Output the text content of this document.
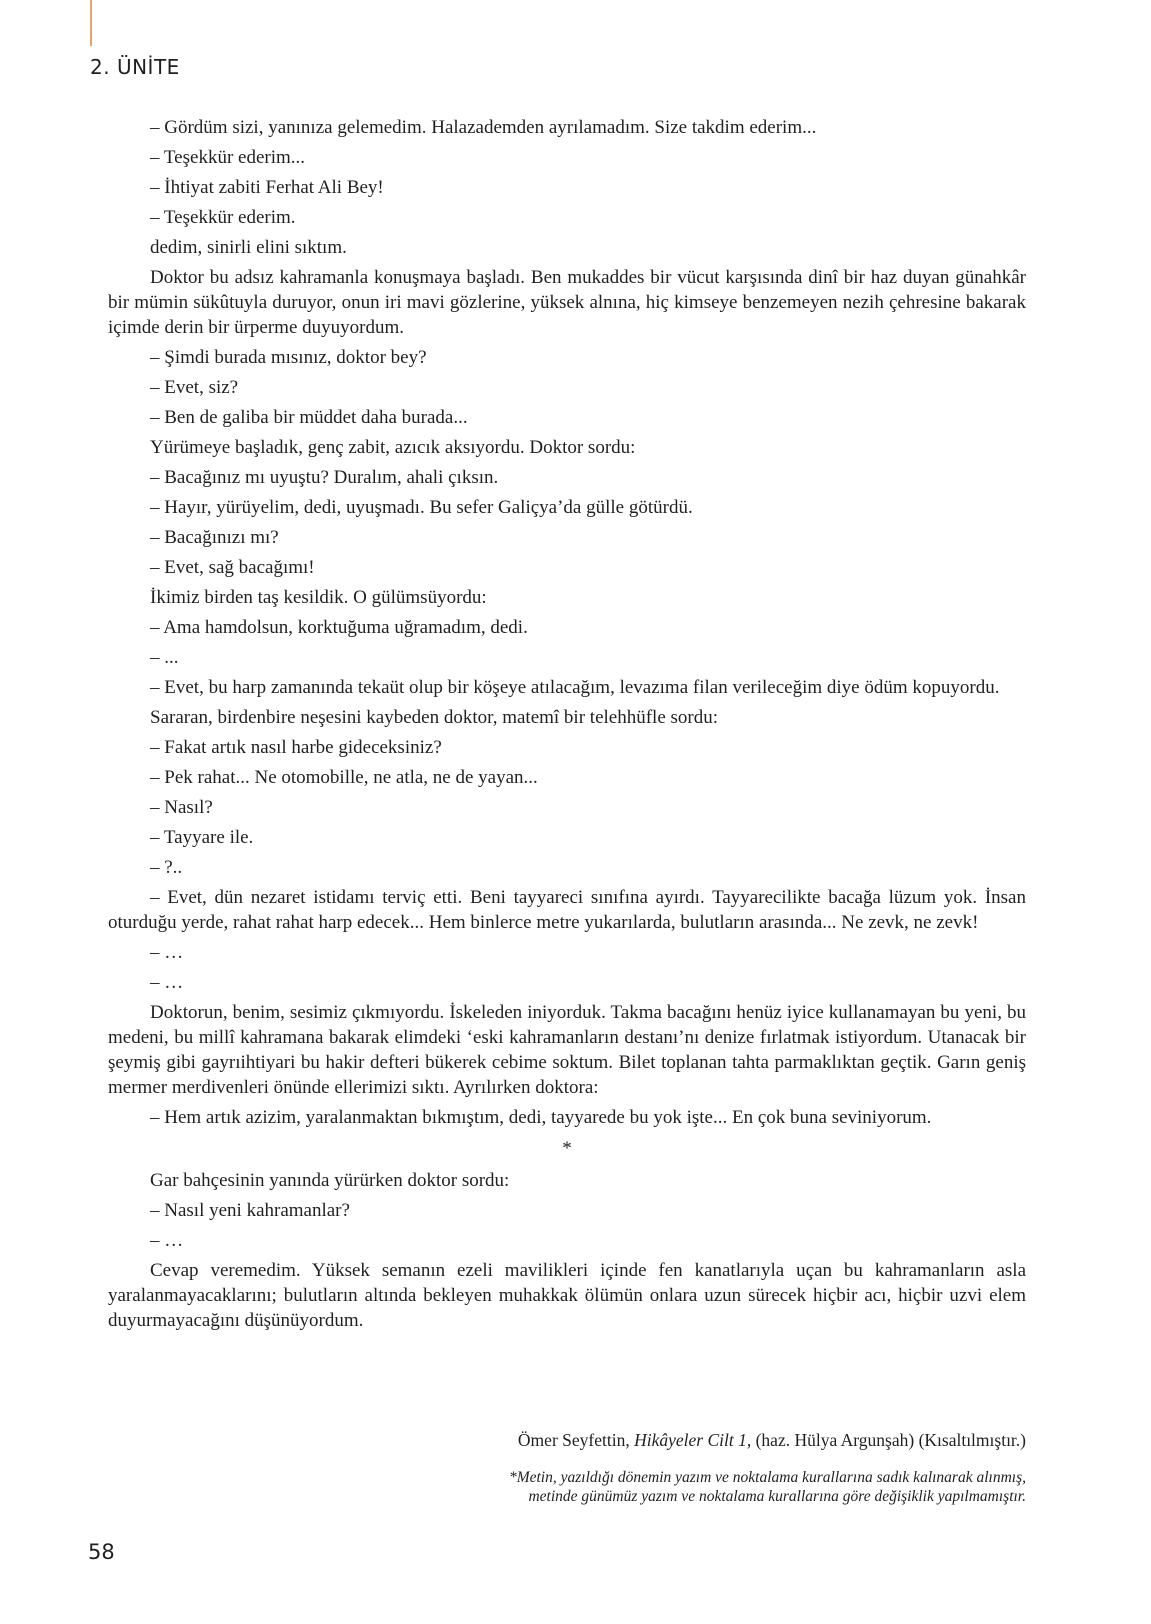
2. ÜNİTE

– Gördüm sizi, yanınıza gelemedim. Halazademden ayrılamadım. Size takdim ederim...

– Teşekkür ederim...

– İhtiyat zabiti Ferhat Ali Bey!

– Teşekkür ederim.

dedim, sinirli elini sıktım.

Doktor bu adsız kahramanla konuşmaya başladı. Ben mukaddes bir vücut karşısında dinî bir haz duyan günahkâr bir mümin sükûtuyla duruyor, onun iri mavi gözlerine, yüksek alnına, hiç kimseye benzemeyen nezih çehresine bakarak içimde derin bir ürperme duyuyordum.

– Şimdi burada mısınız, doktor bey?

– Evet, siz?

– Ben de galiba bir müddet daha burada...

Yürümeye başladık, genç zabit, azıcık aksıyordu. Doktor sordu:

– Bacağınız mı uyuştu? Duralım, ahali çıksın.

– Hayır, yürüyelim, dedi, uyuşmadı. Bu sefer Galiçya’da gülle götürdü.

– Bacağınızı mı?

– Evet, sağ bacağımı!

İkimiz birden taş kesildik. O gülümsüyordu:

– Ama hamdolsun, korktuğuma uğramadım, dedi.

– ...

– Evet, bu harp zamanında tekaüt olup bir köşeye atılacağım, levazıma filan verileceğim diye ödüm kopuyordu.

Sararan, birdenbire neşesini kaybeden doktor, matemî bir telehhüfle sordu:

– Fakat artık nasıl harbe gideceksiniz?

– Pek rahat... Ne otomobille, ne atla, ne de yayan...

– Nasıl?

– Tayyare ile.

– ?..

– Evet, dün nezaret istidamı terviç etti. Beni tayyareci sınıfına ayırdı. Tayyarecilikte bacağa lüzum yok. İnsan oturduğu yerde, rahat rahat harp edecek... Hem binlerce metre yukarılarda, bulutların arasında... Ne zevk, ne zevk!

– …

– …

Doktorun, benim, sesimiz çıkmıyordu. İskeleden iniyorduk. Takma bacağını henüz iyice kullanamayan bu yeni, bu medeni, bu millî kahramana bakarak elimdeki ‘eski kahramanların destanı’nı denize fırlatmak istiyordum. Utanacak bir şeymiş gibi gayrıihtiyari bu hakir defteri bükerek cebime soktum. Bilet toplanan tahta parmaklıktan geçtik. Garın geniş mermer merdivenleri önünde ellerimizi sıktı. Ayrılırken doktora:

– Hem artık azizim, yaralanmaktan bıkmıştım, dedi, tayyarede bu yok işte... En çok buna seviniyorum.

*

Gar bahçesinin yanında yürürken doktor sordu:

– Nasıl yeni kahramanlar?

– …

Cevap veremedim. Yüksek semanın ezeli mavilikleri içinde fen kanatlarıyla uçan bu kahramanların asla yaralanmayacaklarını; bulutların altında bekleyen muhakkak ölümün onlara uzun sürecek hiçbir acı, hiçbir uzvi elem duyurmayacağını düşünüyordum.

Ömer Seyfettin, Hikâyeler Cilt 1, (haz. Hülya Argunşah) (Kısaltılmıştır.)
*Metin, yazıldığı dönemin yazım ve noktalama kurallarına sadık kalınarak alınmış,
metinde günümüz yazım ve noktalama kurallarına göre değişiklik yapılmamıştır.
58
